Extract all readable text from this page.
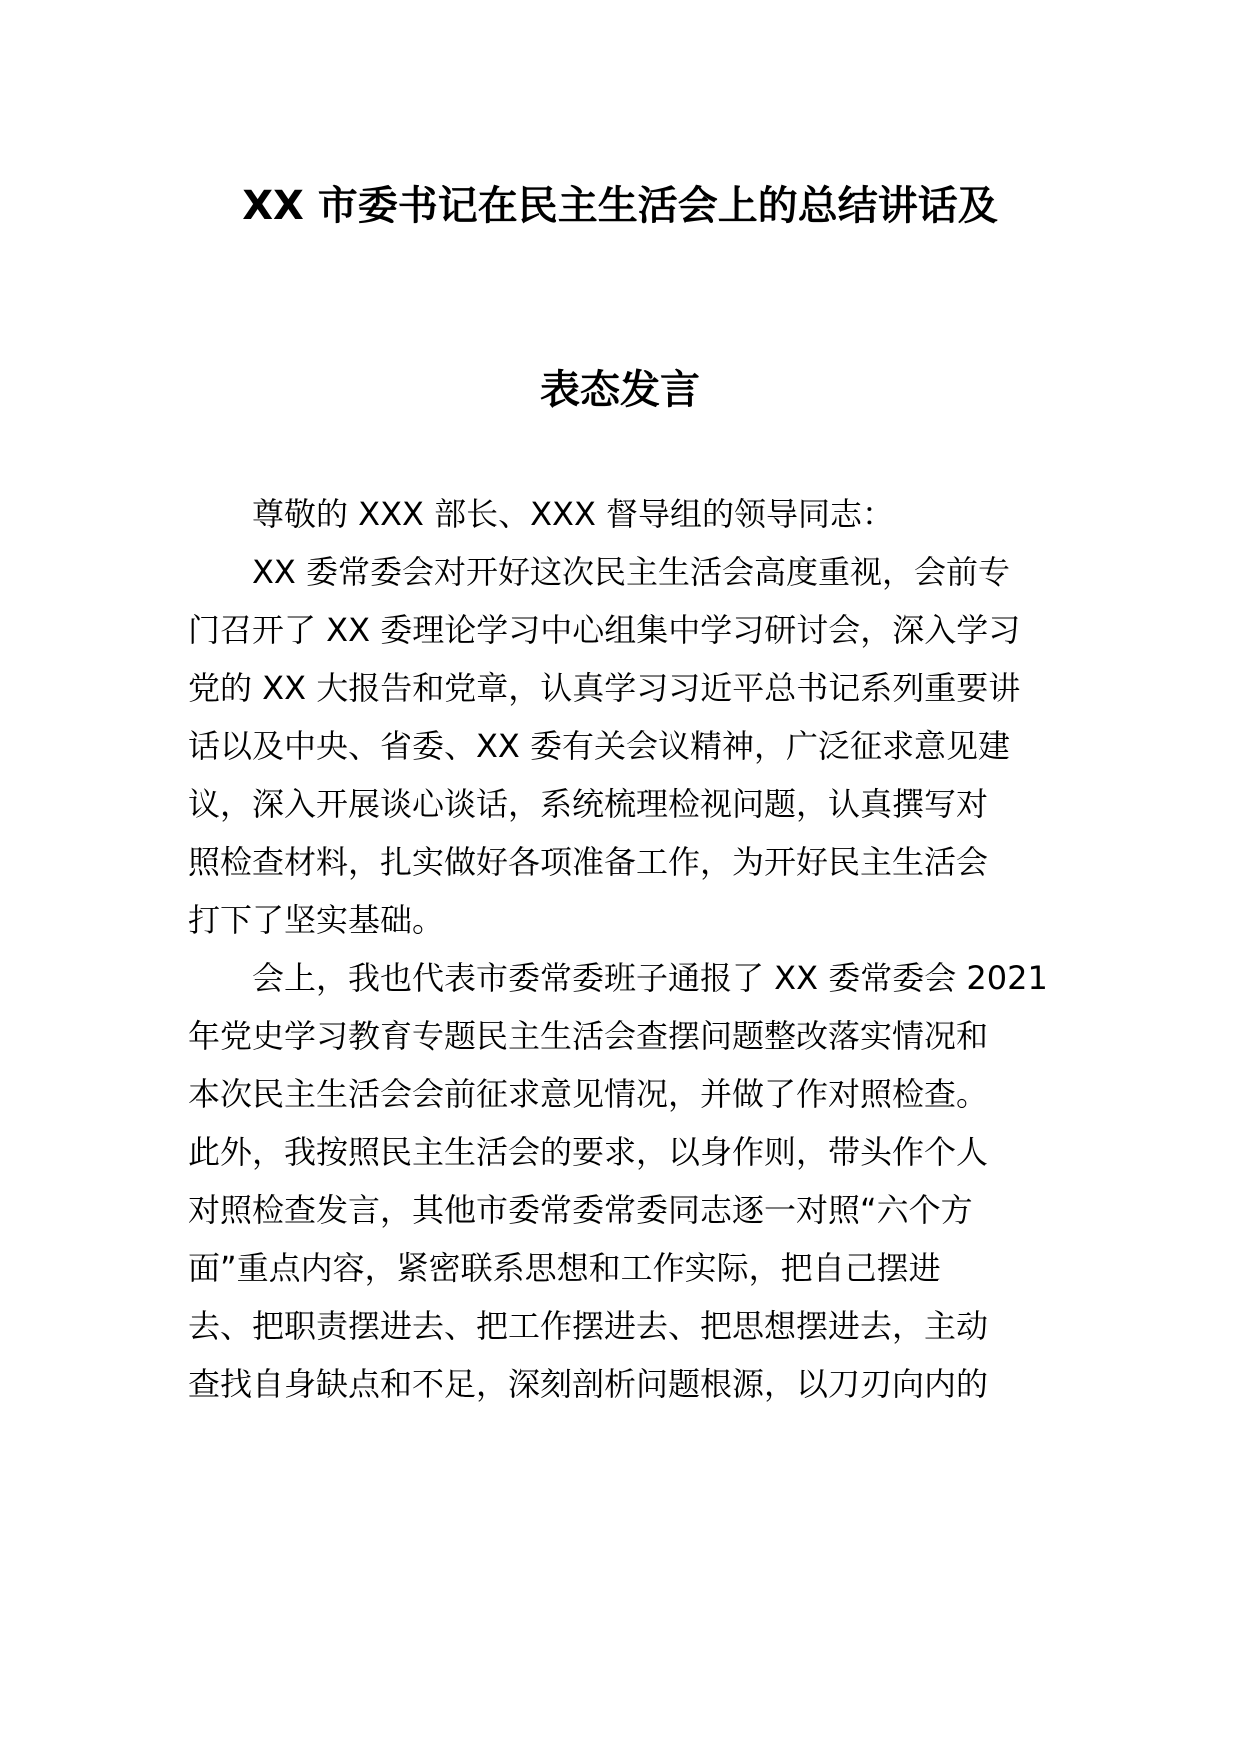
XX 市委书记在民主生活会上的总结讲话及
表态发言
尊敬的 XXX 部长、XXX 督导组的领导同志：
XX 委常委会对开好这次民主生活会高度重视，会前专
门召开了 XX 委理论学习中心组集中学习研讨会，深入学习
党的 XX 大报告和党章，认真学习习近平总书记系列重要讲
话以及中央、省委、XX 委有关会议精神，广泛征求意见建
议，深入开展谈心谈话，系统梳理检视问题，认真撰写对
照检查材料，扎实做好各项准备工作，为开好民主生活会
打下了坚实基础。
会上，我也代表市委常委班子通报了 XX 委常委会 2021
年党史学习教育专题民主生活会查摆问题整改落实情况和
本次民主生活会会前征求意见情况，并做了作对照检查。
此外，我按照民主生活会的要求，以身作则，带头作个人
对照检查发言，其他市委常委常委同志逐一对照“六个方
面”重点内容，紧密联系思想和工作实际，把自己摆进
去、把职责摆进去、把工作摆进去、把思想摆进去，主动
查找自身缺点和不足，深刻剖析问题根源，以刀刃向内的
